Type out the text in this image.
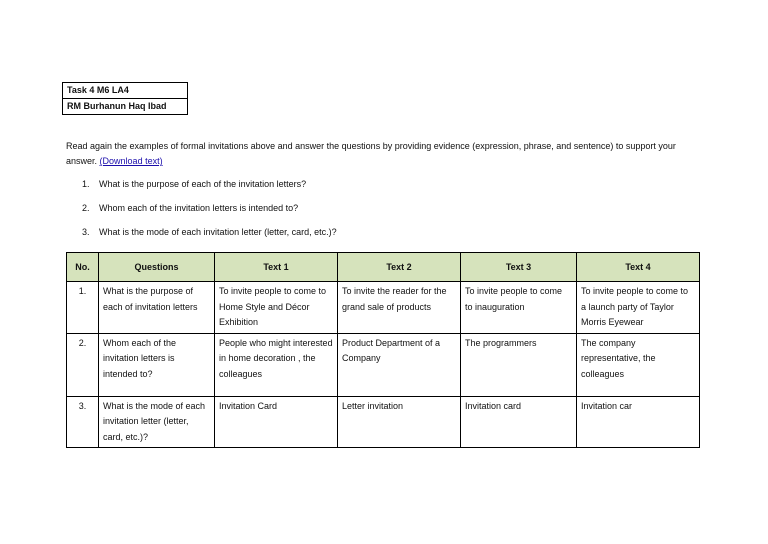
Task 4 M6 LA4
RM Burhanun Haq Ibad
Read again the examples of formal invitations above and answer the questions by providing evidence (expression, phrase, and sentence) to support your answer. (Download text)
1.	What is the purpose of each of the invitation letters?
2.	Whom each of the invitation letters is intended to?
3.	What is the mode of each invitation letter (letter, card, etc.)?
No.	Questions	Text 1	Text 2	Text 3	Text 4
1.	What is the purpose of each of invitation letters	To invite people to come to Home Style and Décor Exhibition	To invite the reader for the grand sale of products	To invite people to come to inauguration	To invite people to come to a launch party of Taylor Morris Eyewear
2.	Whom each of the invitation letters is intended to?	People who might interested in home decoration , the colleagues	Product Department of a Company	The programmers	The company representative, the colleagues
3.	What is the mode of each invitation letter (letter, card, etc.)?	Invitation Card	Letter invitation	Invitation card	Invitation car
